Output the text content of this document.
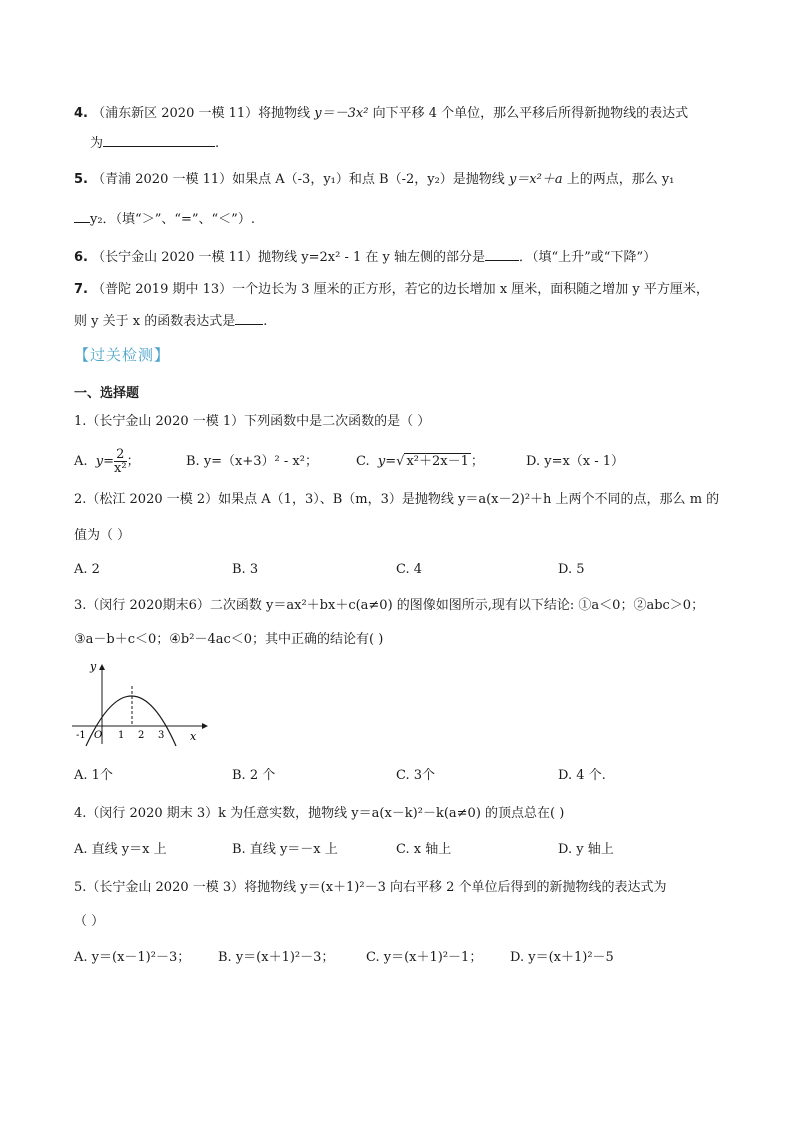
4. （浦东新区 2020 一模 11）将抛物线 y＝－3x² 向下平移 4 个单位，那么平移后所得新抛物线的表达式
为	.
5. （青浦 2020 一模 11）如果点 A（-3，y₁）和点 B（-2，y₂）是抛物线 y＝x²＋a 上的两点，那么 y₁
y₂．（填“＞”、“=”、“＜”）.
6. （长宁金山 2020 一模 11）抛物线 y=2x² - 1 在 y 轴左侧的部分是	．（填“上升”或“下降”）
7. （普陀 2019 期中 13）一个边长为 3 厘米的正方形，若它的边长增加 x 厘米，面积随之增加 y 平方厘米，
则 y 关于 x 的函数表达式是 .
【过关检测】
一、选择题
1.（长宁金山 2020 一模 1）下列函数中是二次函数的是（ ）
A. $y= \frac{2}{\text{x²}}$ ；	B. y=（x+3）² - x²；	C. y=√ x²＋2x－1 ；	D. y=x（x - 1）
2.（松江 2020 一模 2）如果点 A（1，3）、B（m，3）是抛物线 y＝a(x－2)²＋h 上两个不同的点，那么 m 的
值为（ ）
A. 2	B. 3	C. 4	D. 5
3.（闵行 2020期末6）二次函数 y＝ax²＋bx＋c(a≠0) 的图像如图所示,现有以下结论: ①a＜0；②abc＞0；
③a－b＋c＜0；④b²－4ac＜0；其中正确的结论有( )
y
x
-1 O 1 2 3
A. 1个	B. 2 个	C. 3个	D. 4 个.
4.（闵行 2020 期末 3）k 为任意实数，抛物线 y＝a(x－k)²－k(a≠0) 的顶点总在( )
A. 直线 y＝x 上	B. 直线 y＝－x 上	C. x 轴上	D. y 轴上
5.（长宁金山 2020 一模 3）将抛物线 y＝(x＋1)²－3 向右平移 2 个单位后得到的新抛物线的表达式为
（ ）
A. y＝(x－1)²－3； B. y＝(x＋1)²－3； C. y＝(x＋1)²－1； D. y＝(x＋1)²－5
